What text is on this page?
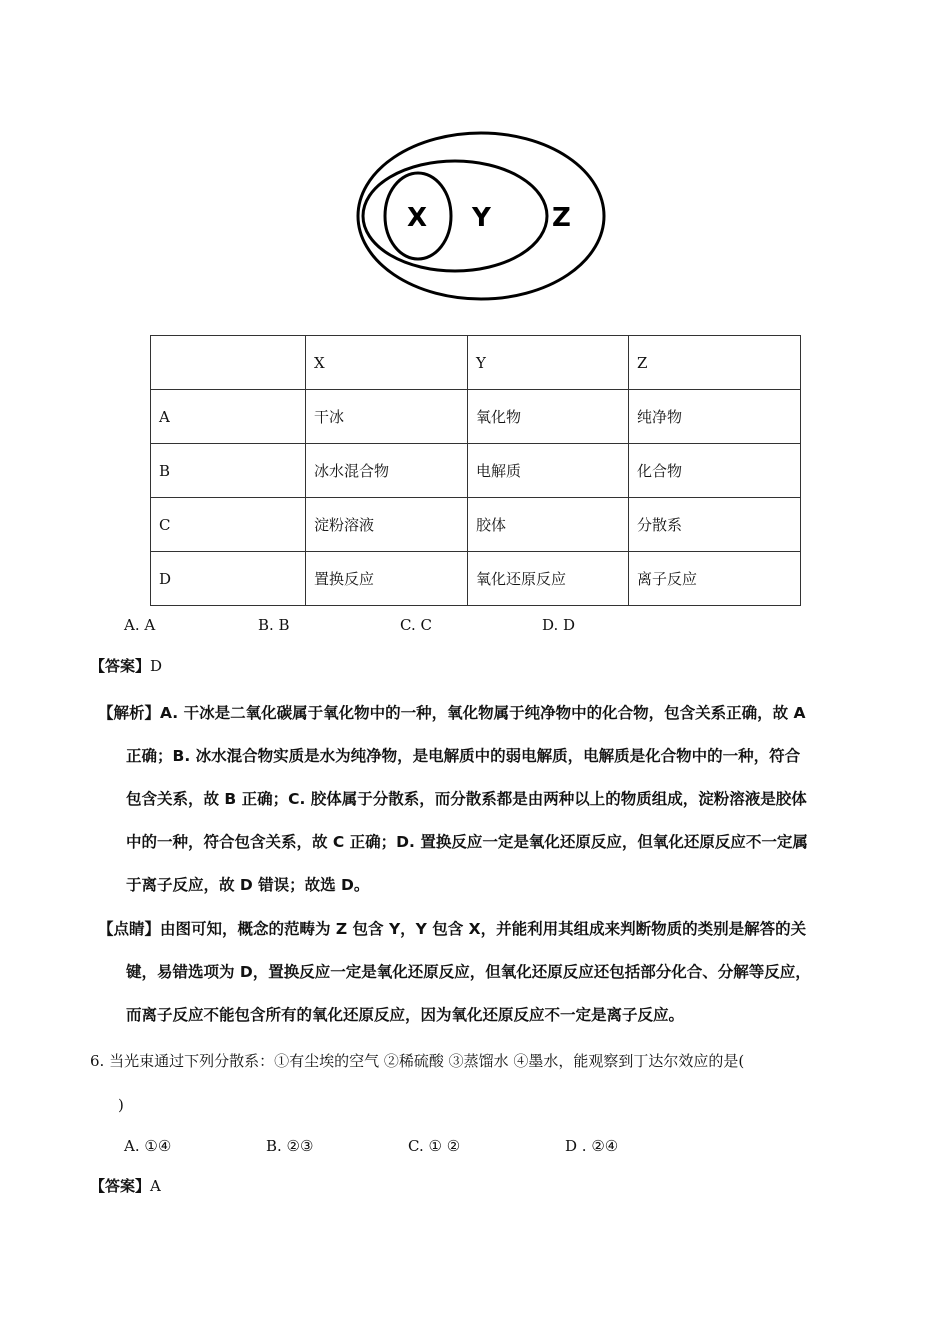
X Y Z
	X	Y	Z
A	干冰	氧化物	纯净物
B	冰水混合物	电解质	化合物
C	淀粉溶液	胶体	分散系
D	置换反应	氧化还原反应	离子反应
A. A	B. B	C. C	D. D
【答案】D
【解析】A. 干冰是二氧化碳属于氧化物中的一种，氧化物属于纯净物中的化合物，包含关系正确，故 A
正确；B. 冰水混合物实质是水为纯净物，是电解质中的弱电解质，电解质是化合物中的一种，符合
包含关系，故 B 正确；C. 胶体属于分散系，而分散系都是由两种以上的物质组成，淀粉溶液是胶体
中的一种，符合包含关系，故 C 正确；D. 置换反应一定是氧化还原反应，但氧化还原反应不一定属
于离子反应，故 D 错误；故选 D。
【点睛】由图可知，概念的范畴为 Z 包含 Y，Y 包含 X，并能利用其组成来判断物质的类别是解答的关
键，易错选项为 D，置换反应一定是氧化还原反应，但氧化还原反应还包括部分化合、分解等反应，
而离子反应不能包含所有的氧化还原反应，因为氧化还原反应不一定是离子反应。
6. 当光束通过下列分散系：①有尘埃的空气 ②稀硫酸 ③蒸馏水 ④墨水，能观察到丁达尔效应的是(
)
A. ①④	B. ②③	C. ① ②	D . ②④
【答案】A
